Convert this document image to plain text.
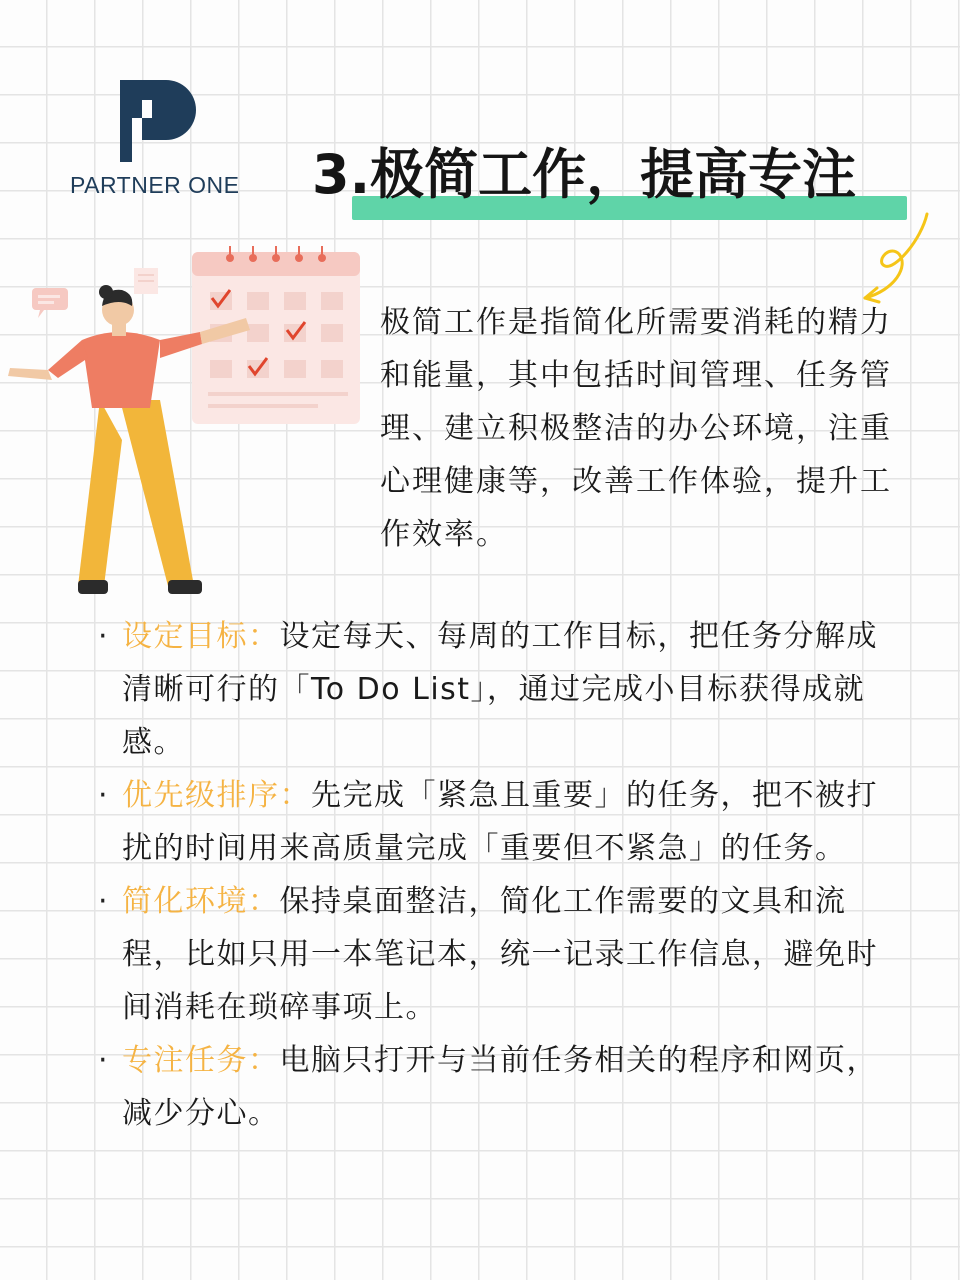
PARTNER ONE	3.极简工作，提高专注

极简工作是指简化所需要消耗的精力和能量，其中包括时间管理、任务管理、建立积极整洁的办公环境，注重心理健康等，改善工作体验，提升工作效率。

· 设定目标：设定每天、每周的工作目标，把任务分解成清晰可行的「To Do List」，通过完成小目标获得成就感。
· 优先级排序：先完成「紧急且重要」的任务，把不被打扰的时间用来高质量完成「重要但不紧急」的任务。
· 简化环境：保持桌面整洁，简化工作需要的文具和流程，比如只用一本笔记本，统一记录工作信息，避免时间消耗在琐碎事项上。
· 专注任务：电脑只打开与当前任务相关的程序和网页，减少分心。
